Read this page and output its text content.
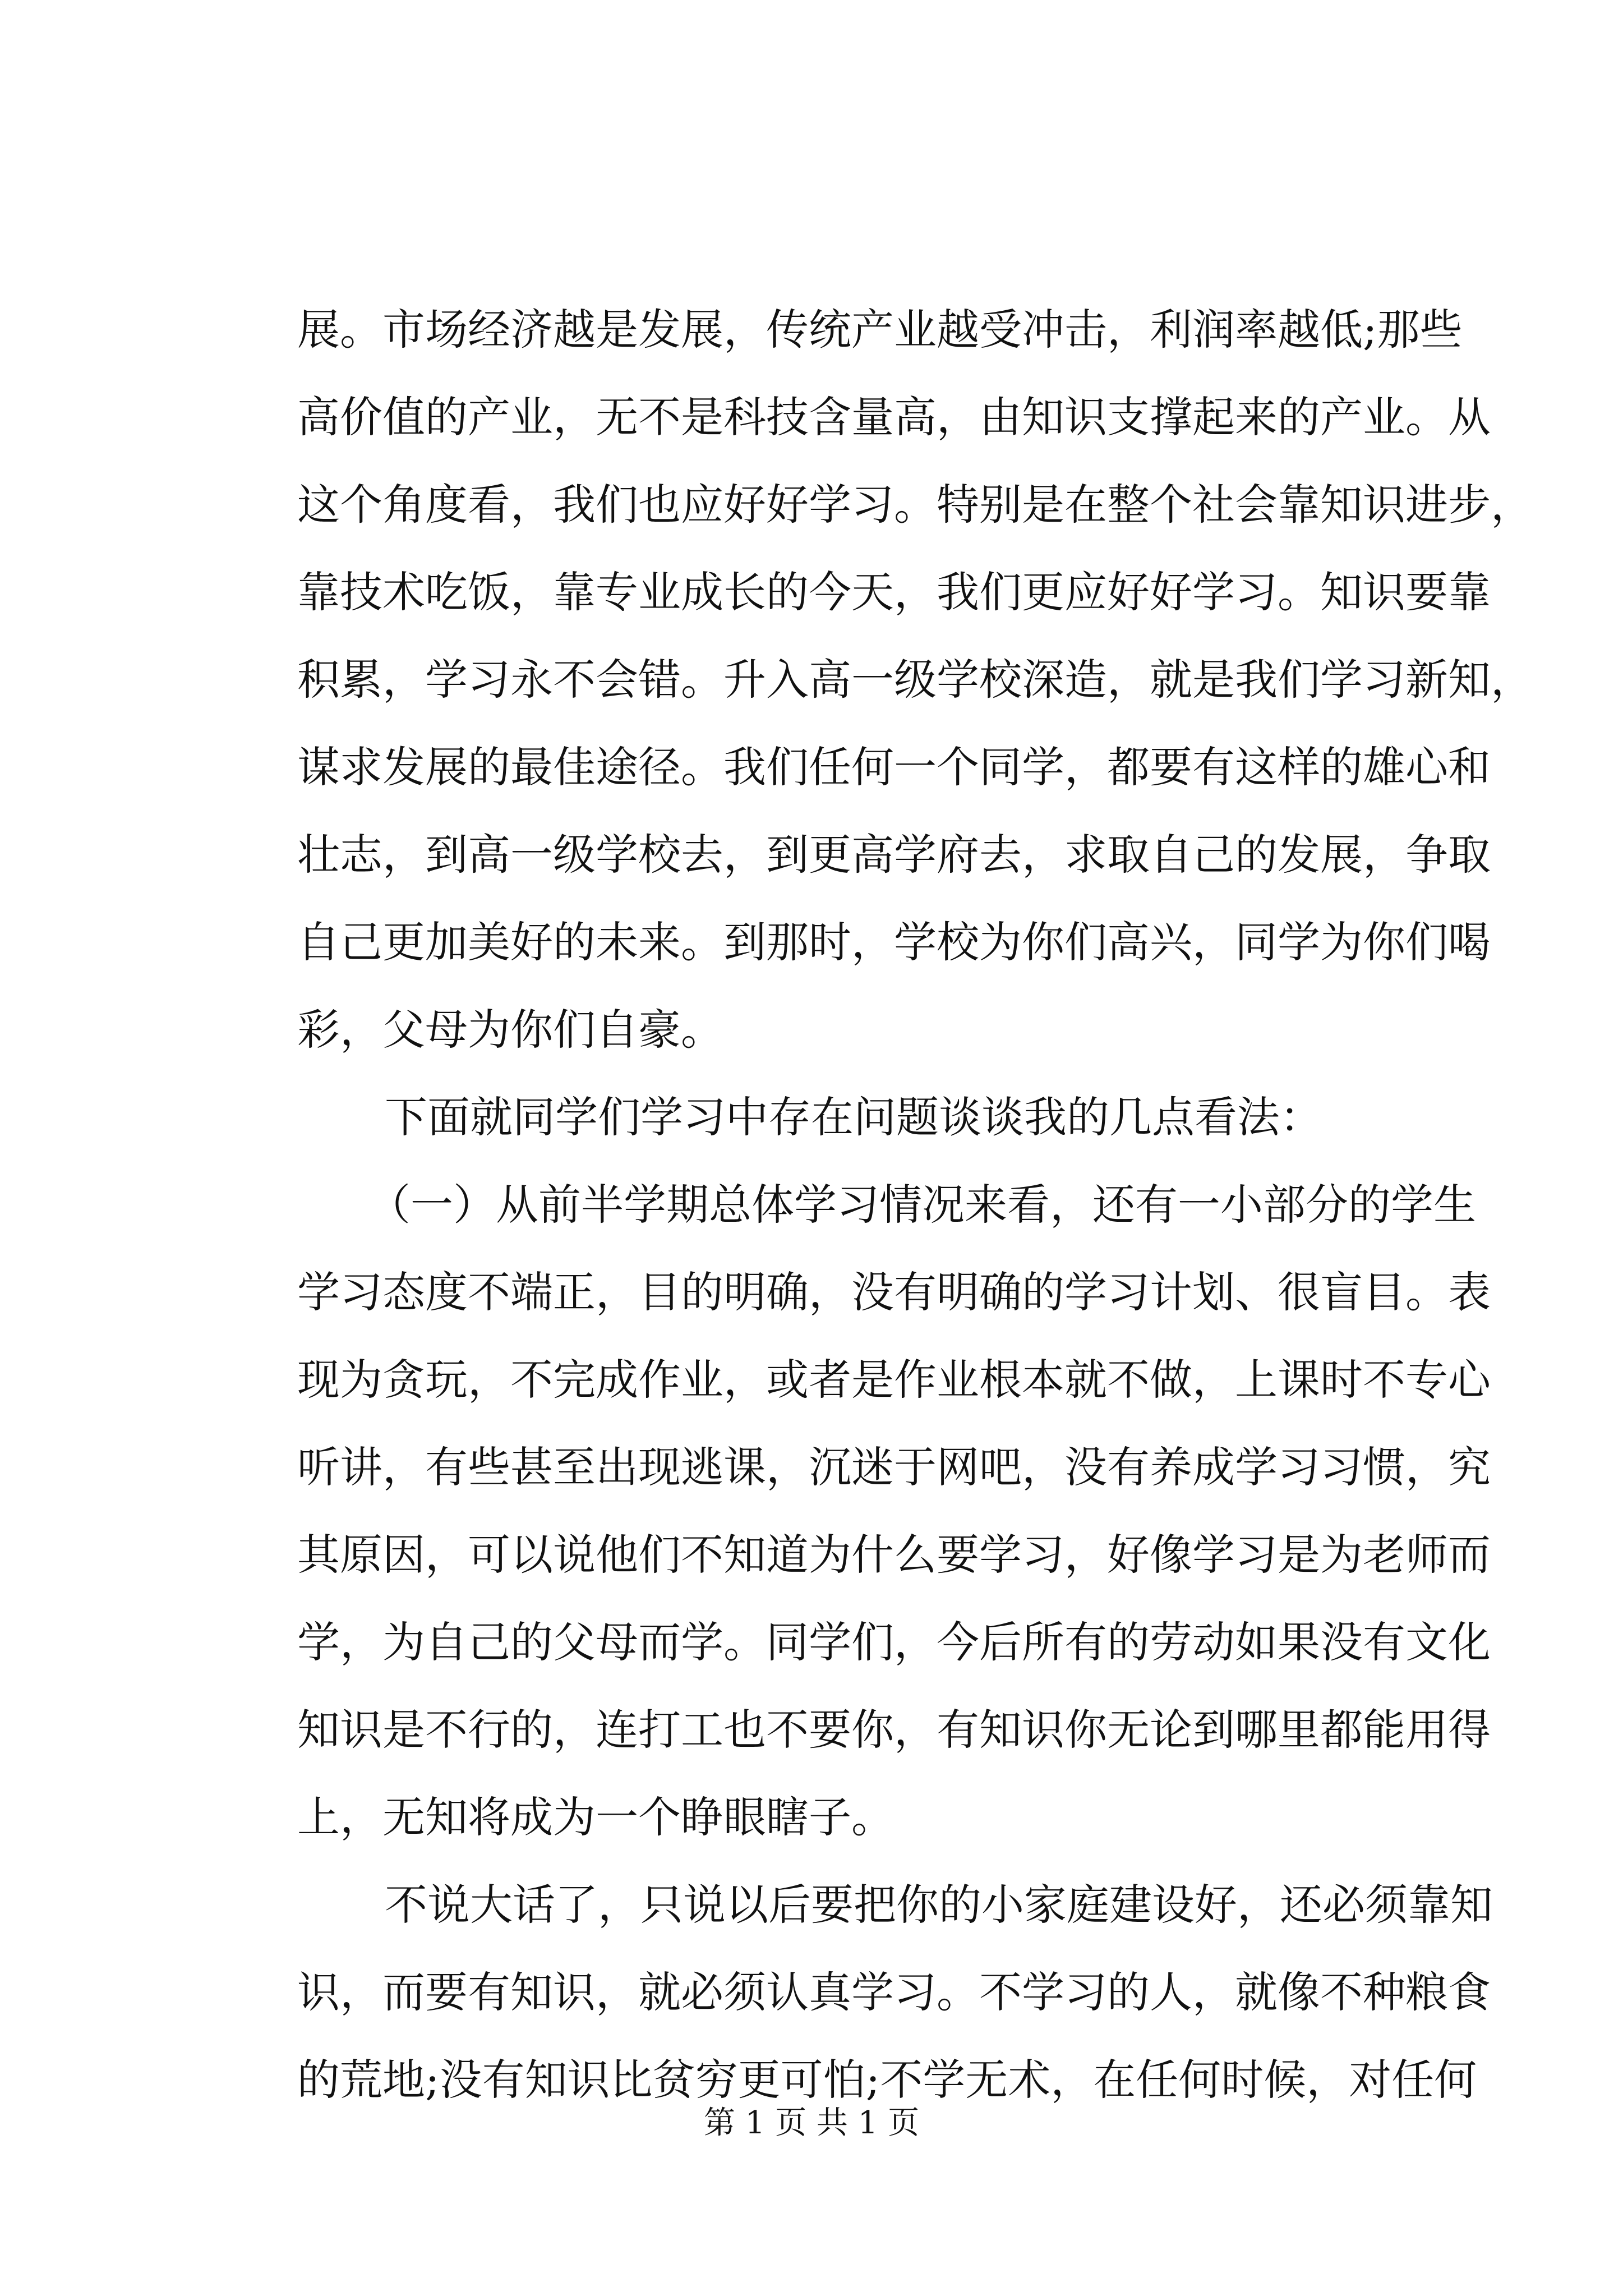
展。市场经济越是发展，传统产业越受冲击，利润率越低;那些
高价值的产业，无不是科技含量高，由知识支撑起来的产业。从
这个角度看，我们也应好好学习。特别是在整个社会靠知识进步，
靠技术吃饭，靠专业成长的今天，我们更应好好学习。知识要靠
积累，学习永不会错。升入高一级学校深造，就是我们学习新知，
谋求发展的最佳途径。我们任何一个同学，都要有这样的雄心和
壮志，到高一级学校去，到更高学府去，求取自己的发展，争取
自己更加美好的未来。到那时，学校为你们高兴，同学为你们喝
彩，父母为你们自豪。
下面就同学们学习中存在问题谈谈我的几点看法：
（一）从前半学期总体学习情况来看，还有一小部分的学生
学习态度不端正，目的明确，没有明确的学习计划、很盲目。表
现为贪玩，不完成作业，或者是作业根本就不做，上课时不专心
听讲，有些甚至出现逃课，沉迷于网吧，没有养成学习习惯，究
其原因，可以说他们不知道为什么要学习，好像学习是为老师而
学，为自己的父母而学。同学们，今后所有的劳动如果没有文化
知识是不行的，连打工也不要你，有知识你无论到哪里都能用得
上，无知将成为一个睁眼瞎子。
不说大话了，只说以后要把你的小家庭建设好，还必须靠知
识，而要有知识，就必须认真学习。不学习的人，就像不种粮食
的荒地;没有知识比贫穷更可怕;不学无术，在任何时候，对任何
第 1 页 共 1 页
